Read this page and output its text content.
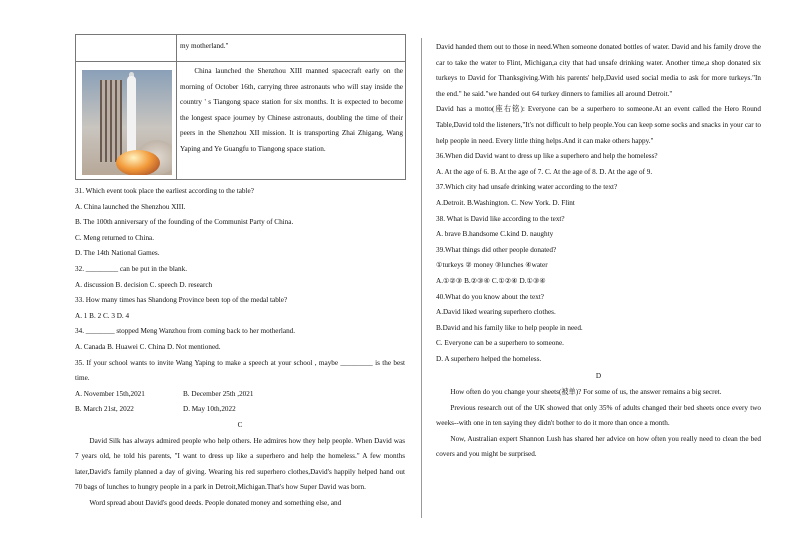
	my motherland."

	China launched the Shenzhou XIII manned spacecraft early on the morning of October 16th, carrying three astronauts who will stay inside the country ' s Tiangong space station for six months. It is expected to become the longest space journey by Chinese astronauts, doubling the time of their peers in the Shenzhou XII mission. It is transporting Zhai Zhigang, Wang Yaping and Ye Guangfu to Tiangong space station.

31. Which event took place the earliest according to the table?

A. China launched the Shenzhou XIII.

B. The 100th anniversary of the founding of the Communist Party of China.

C. Meng returned to China.

D. The 14th National Games.

32. _________ can be put in the blank.

A. discussion B. decision C. speech D. research

33. How many times has Shandong Province been top of the medal table?

A. 1 B. 2 C. 3 D. 4

34. ________ stopped Meng Wanzhou from coming back to her motherland.

A. Canada B. Huawei C. China D. Not mentioned.

35. If your school wants to invite Wang Yaping to make a speech at your school , maybe _________ is the best time.

A. November 15th,2021	B. December 25th ,2021

B. March 21st, 2022	D. May 10th,2022

C

David Silk has always admired people who help others. He admires how they help people. When David was 7 years old, he told his parents, "I want to dress up like a superhero and help the homeless." A few months later,David's family planned a day of giving. Wearing his red superhero clothes,David's happily helped hand out 70 bags of lunches to hungry people in a park in Detroit,Michigan.That's how Super David was born.

Word spread about David's good deeds. People donated money and something else, and

David handed them out to those in need.When someone donated bottles of water. David and his family drove the car to take the water to Flint, Michigan,a city that had unsafe drinking water. Another time,a shop donated six turkeys to David for Thanksgiving.With his parents' help,David used social media to ask for more turkeys."In the end." he said."we handed out 64 turkey dinners to families all around Detroit."

David has a motto(座右铭): Everyone can be a superhero to someone.At an event called the Hero Round Table,David told the listeners,"It's not difficult to help people.You can keep some socks and snacks in your car to help people in need. Every little thing helps.And it can make others happy."

36.When did David want to dress up like a superhero and help the homeless?

A. At the age of 6. B. At the age of 7. C. At the age of 8. D. At the age of 9.

37.Which city had unsafe drinking water according to the text?

A.Detroit. B.Washington. C. New York. D. Flint

38. What is David like according to the text?

A. brave B.handsome C.kind D. naughty

39.What things did other people donated?

①turkeys ② money ③lunches ④water

A.①②③ B.②③④ C.①②④ D.①③④

40.What do you know about the text?

A.David liked wearing superhero clothes.

B.David and his family like to help people in need.

C. Everyone can be a superhero to someone.

D. A superhero helped the homeless.

D

How often do you change your sheets(被单)? For some of us, the answer remains a big secret.

Previous research out of the UK showed that only 35% of adults changed their bed sheets once every two weeks--with one in ten saying they didn't bother to do it more than once a month.

Now, Australian expert Shannon Lush has shared her advice on how often you really need to clean the bed covers and you might be surprised.
